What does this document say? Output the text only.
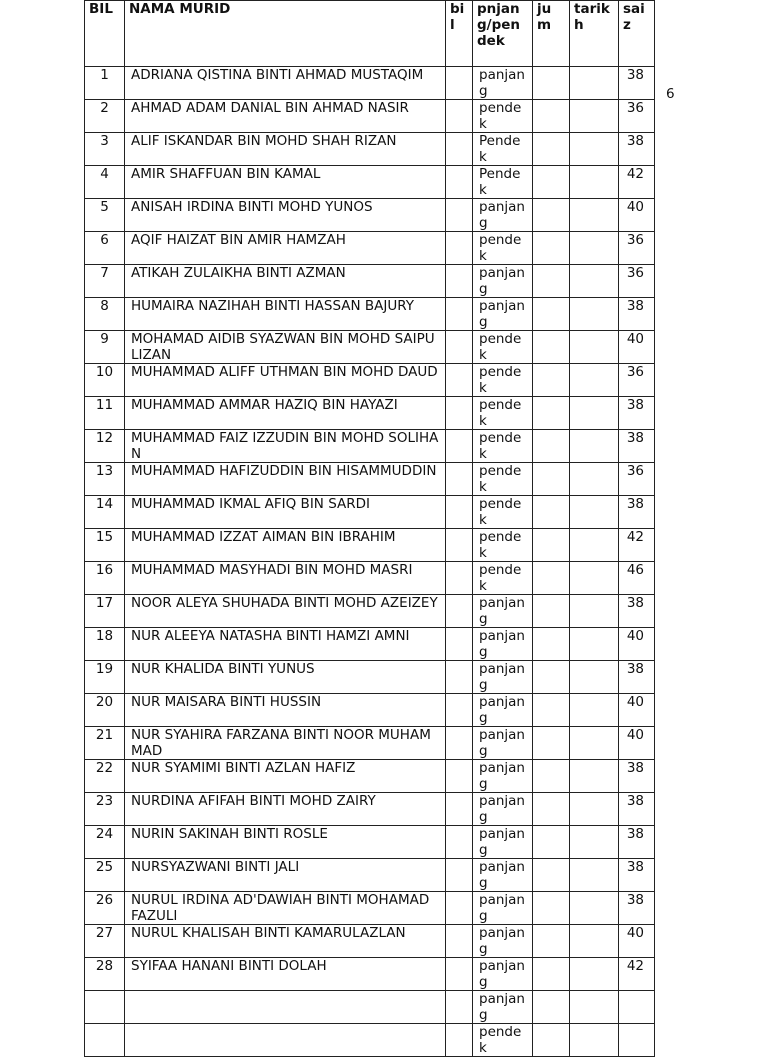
BIL	NAMA MURID	bil	pnjang/pendek	jum	tarikh	saiz
1	ADRIANA QISTINA BINTI AHMAD MUSTAQIM		panjang			38
2	AHMAD ADAM DANIAL BIN AHMAD NASIR		pendek			36
3	ALIF ISKANDAR BIN MOHD SHAH RIZAN		Pendek			38
4	AMIR SHAFFUAN BIN KAMAL		Pendek			42
5	ANISAH IRDINA BINTI MOHD YUNOS		panjang			40
6	AQIF HAIZAT BIN AMIR HAMZAH		pendek			36
7	ATIKAH ZULAIKHA BINTI AZMAN		panjang			36
8	HUMAIRA NAZIHAH BINTI HASSAN BAJURY		panjang			38
9	MOHAMAD AIDIB SYAZWAN BIN MOHD SAIPULIZAN		pendek			40
10	MUHAMMAD ALIFF UTHMAN BIN MOHD DAUD		pendek			36
11	MUHAMMAD AMMAR HAZIQ BIN HAYAZI		pendek			38
12	MUHAMMAD FAIZ IZZUDIN BIN MOHD SOLIHAN		pendek			38
13	MUHAMMAD HAFIZUDDIN BIN HISAMMUDDIN		pendek			36
14	MUHAMMAD IKMAL AFIQ BIN SARDI		pendek			38
15	MUHAMMAD IZZAT AIMAN BIN IBRAHIM		pendek			42
16	MUHAMMAD MASYHADI BIN MOHD MASRI		pendek			46
17	NOOR ALEYA SHUHADA BINTI MOHD AZEIZEY		panjang			38
18	NUR ALEEYA NATASHA BINTI HAMZI AMNI		panjang			40
19	NUR KHALIDA BINTI YUNUS		panjang			38
20	NUR MAISARA BINTI HUSSIN		panjang			40
21	NUR SYAHIRA FARZANA BINTI NOOR MUHAMMAD		panjang			40
22	NUR SYAMIMI BINTI AZLAN HAFIZ		panjang			38
23	NURDINA AFIFAH BINTI MOHD ZAIRY		panjang			38
24	NURIN SAKINAH BINTI ROSLE		panjang			38
25	NURSYAZWANI BINTI JALI		panjang			38
26	NURUL IRDINA AD'DAWIAH BINTI MOHAMAD FAZULI		panjang			38
27	NURUL KHALISAH BINTI KAMARULAZLAN		panjang			40
28	SYIFAA HANANI BINTI DOLAH		panjang			42
			panjang			
			pendek			
6
